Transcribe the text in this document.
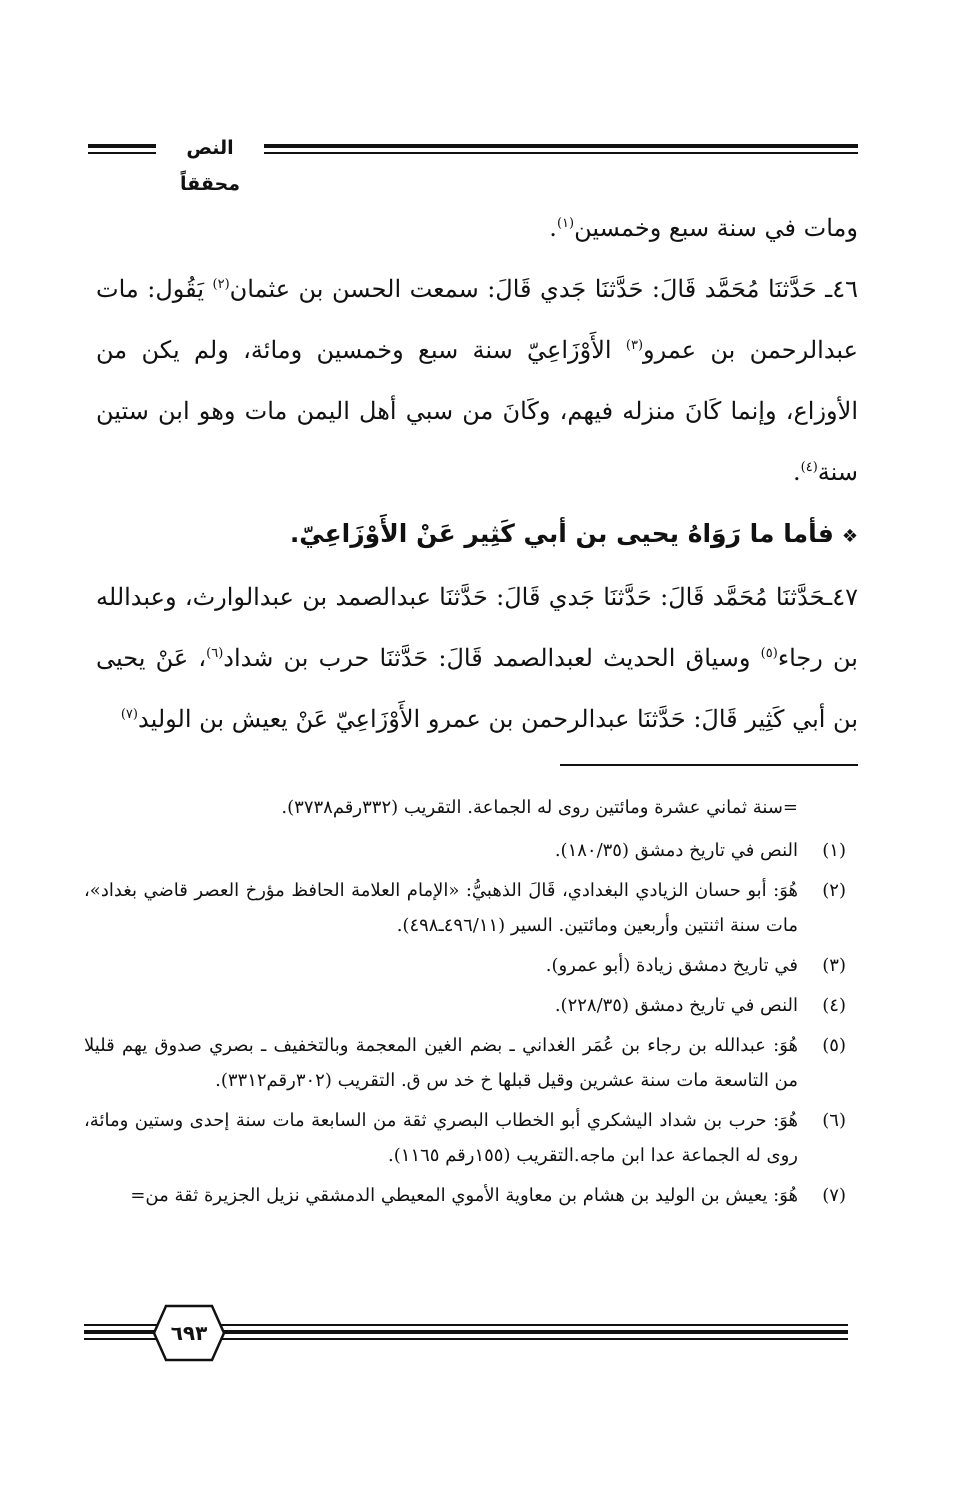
النص محققاً

ومات في سنة سبع وخمسين$^{(١)}$.

٤٦ـ حَدَّثنَا مُحَمَّد قَالَ: حَدَّثنَا جَدي قَالَ: سمعت الحسن بن عثمان$^{(٢)}$ يَقُول: مات عبدالرحمن بن عمرو$^{(٣)}$ الأَوْزَاعِيّ سنة سبع وخمسين ومائة، ولم يكن من الأوزاع، وإنما كَانَ منزله فيهم، وكَانَ من سبي أهل اليمن مات وهو ابن ستين سنة$^{(٤)}$.

❖فأما ما رَوَاهُ يحيى بن أبي كَثِير عَنْ الأَوْزَاعِيّ.

٤٧ـحَدَّثنَا مُحَمَّد قَالَ: حَدَّثنَا جَدي قَالَ: حَدَّثنَا عبدالصمد بن عبدالوارث، وعبدالله بن رجاء$^{(٥)}$ وسياق الحديث لعبدالصمد قَالَ: حَدَّثنَا حرب بن شداد$^{(٦)}$، عَنْ يحيى بن أبي كَثِير قَالَ: حَدَّثنَا عبدالرحمن بن عمرو الأَوْزَاعِيّ عَنْ يعيش بن الوليد$^{(٧)}$

=سنة ثماني عشرة ومائتين روى له الجماعة. التقريب (٣٣٢رقم٣٧٣٨).

(١)
النص في تاريخ دمشق (١٨٠/٣٥).
(٢)
هُوَ: أبو حسان الزيادي البغدادي، قَالَ الذهبيُّ: «الإمام العلامة الحافظ مؤرخ العصر قاضي بغداد»، مات سنة اثنتين وأربعين ومائتين. السير (٤٩٦/١١ـ٤٩٨).
(٣)
في تاريخ دمشق زيادة (أبو عمرو).
(٤)
النص في تاريخ دمشق (٢٢٨/٣٥).
(٥)
هُوَ: عبدالله بن رجاء بن عُمَر الغداني ـ بضم الغين المعجمة وبالتخفيف ـ بصري صدوق يهم قليلا من التاسعة مات سنة عشرين وقيل قبلها خ خد س ق. التقريب (٣٠٢رقم٣٣١٢).
(٦)
هُوَ: حرب بن شداد اليشكري أبو الخطاب البصري ثقة من السابعة مات سنة إحدى وستين ومائة، روى له الجماعة عدا ابن ماجه.التقريب (١٥٥رقم ١١٦٥).
(٧)
هُوَ: يعيش بن الوليد بن هشام بن معاوية الأموي المعيطي الدمشقي نزيل الجزيرة ثقة من=
٦٩٣
